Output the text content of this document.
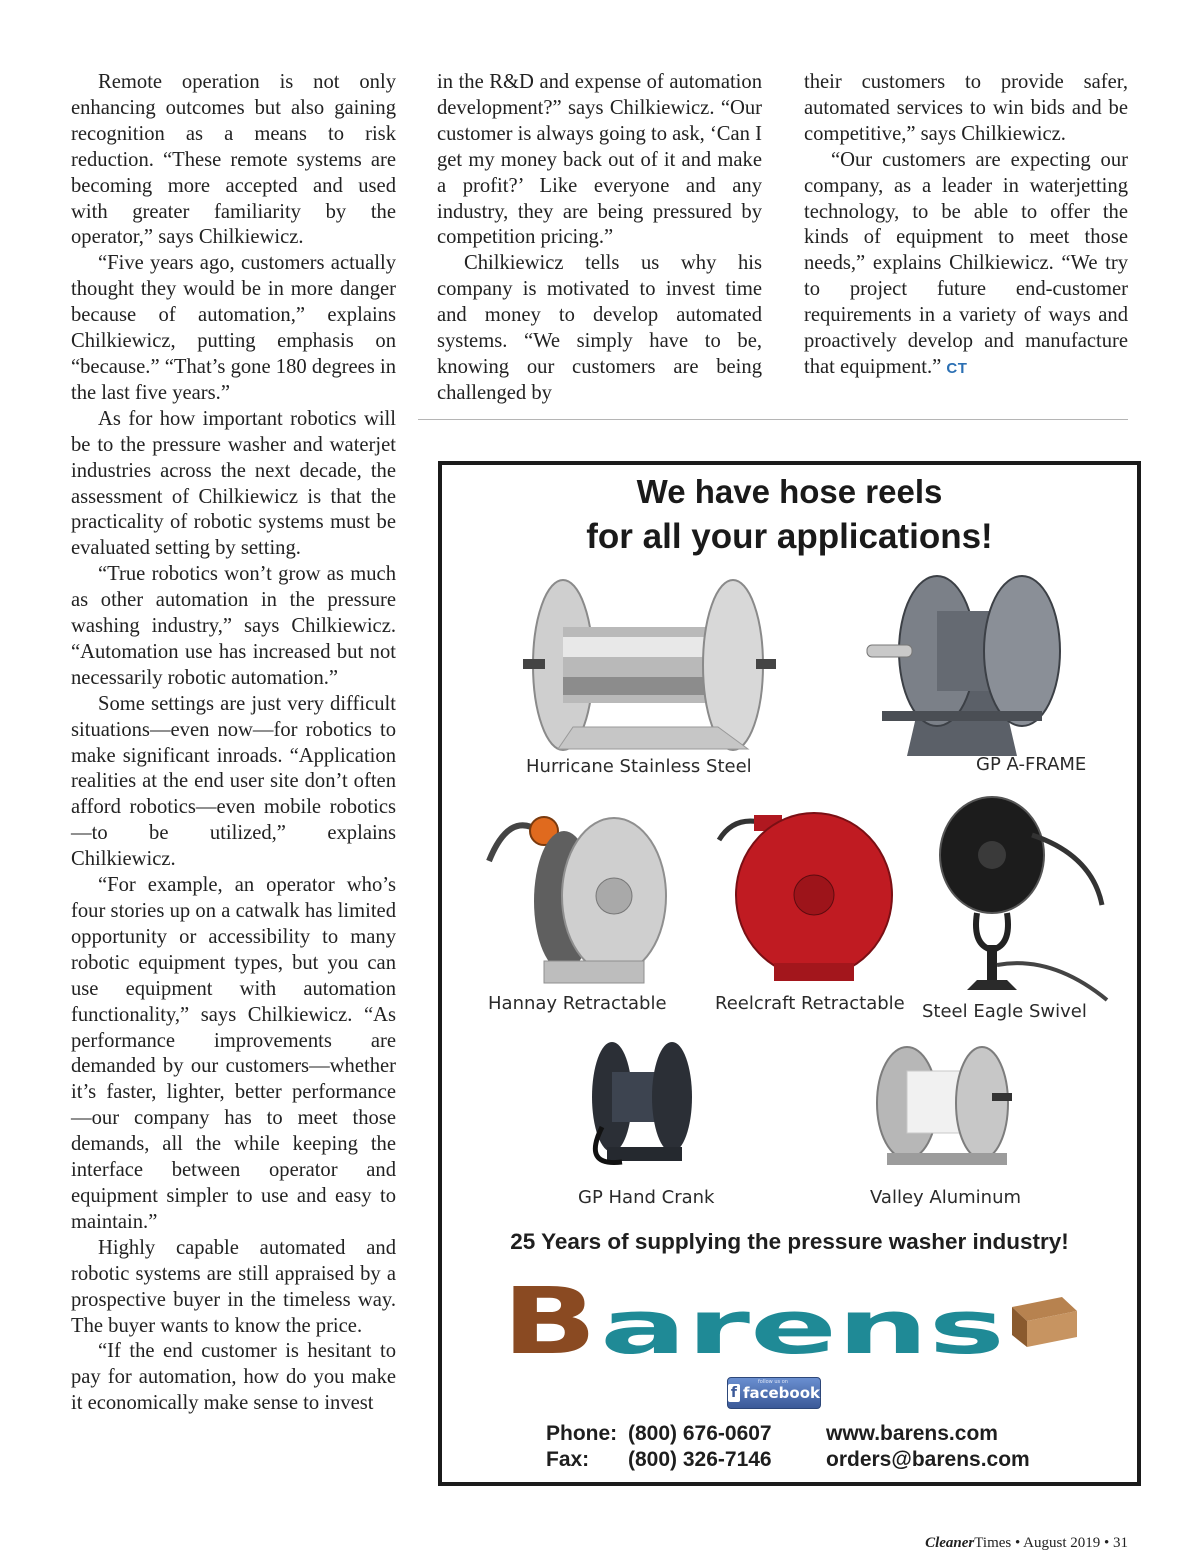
Remote operation is not only enhancing outcomes but also gaining recognition as a means to risk reduction. “These remote systems are becoming more accepted and used with greater familiarity by the operator,” says Chilkiewicz.

“Five years ago, customers actually thought they would be in more danger because of automation,” explains Chilkiewicz, putting emphasis on “because.” “That’s gone 180 degrees in the last five years.”

As for how important robotics will be to the pressure washer and waterjet industries across the next decade, the assessment of Chilkiewicz is that the practicality of robotic systems must be evaluated setting by setting.

“True robotics won’t grow as much as other automation in the pressure washing industry,” says Chilkiewicz. “Automation use has increased but not necessarily robotic automation.”

Some settings are just very difficult situations—even now—for robotics to make significant inroads. “Application realities at the end user site don’t often afford robotics—even mobile robotics—to be utilized,” explains Chilkiewicz.

“For example, an operator who’s four stories up on a catwalk has limited opportunity or accessibility to many robotic equipment types, but you can use equipment with automation functionality,” says Chilkiewicz. “As performance improvements are demanded by our customers—whether it’s faster, lighter, better performance—our company has to meet those demands, all the while keeping the interface between operator and equipment simpler to use and easy to maintain.”

Highly capable automated and robotic systems are still appraised by a prospective buyer in the timeless way. The buyer wants to know the price.

“If the end customer is hesitant to pay for automation, how do you make it economically make sense to invest

in the R&D and expense of automation development?” says Chilkiewicz. “Our customer is always going to ask, ‘Can I get my money back out of it and make a profit?’ Like everyone and any industry, they are being pressured by competition pricing.”

Chilkiewicz tells us why his company is motivated to invest time and money to develop automated systems. “We simply have to be, knowing our customers are being challenged by

their customers to provide safer, automated services to win bids and be competitive,” says Chilkiewicz.

“Our customers are expecting our company, as a leader in waterjetting technology, to be able to offer the kinds of equipment to meet those needs,” explains Chilkiewicz. “We try to project future end-customer requirements in a variety of ways and proactively develop and manufacture that equipment.” CT

We have hose reels
for all your applications!
Hurricane Stainless Steel	GP A-FRAME
Hannay Retractable	Reelcraft Retractable Steel Eagle Swivel
GP Hand Crank	Valley Aluminum
25 Years of supplying the pressure washer industry!
B arens
follow us on
f facebook
Phone: (800) 676-0607
Fax: (800) 326-7146
www.barens.com
orders@barens.com
CleanerTimes • August 2019 • 31
